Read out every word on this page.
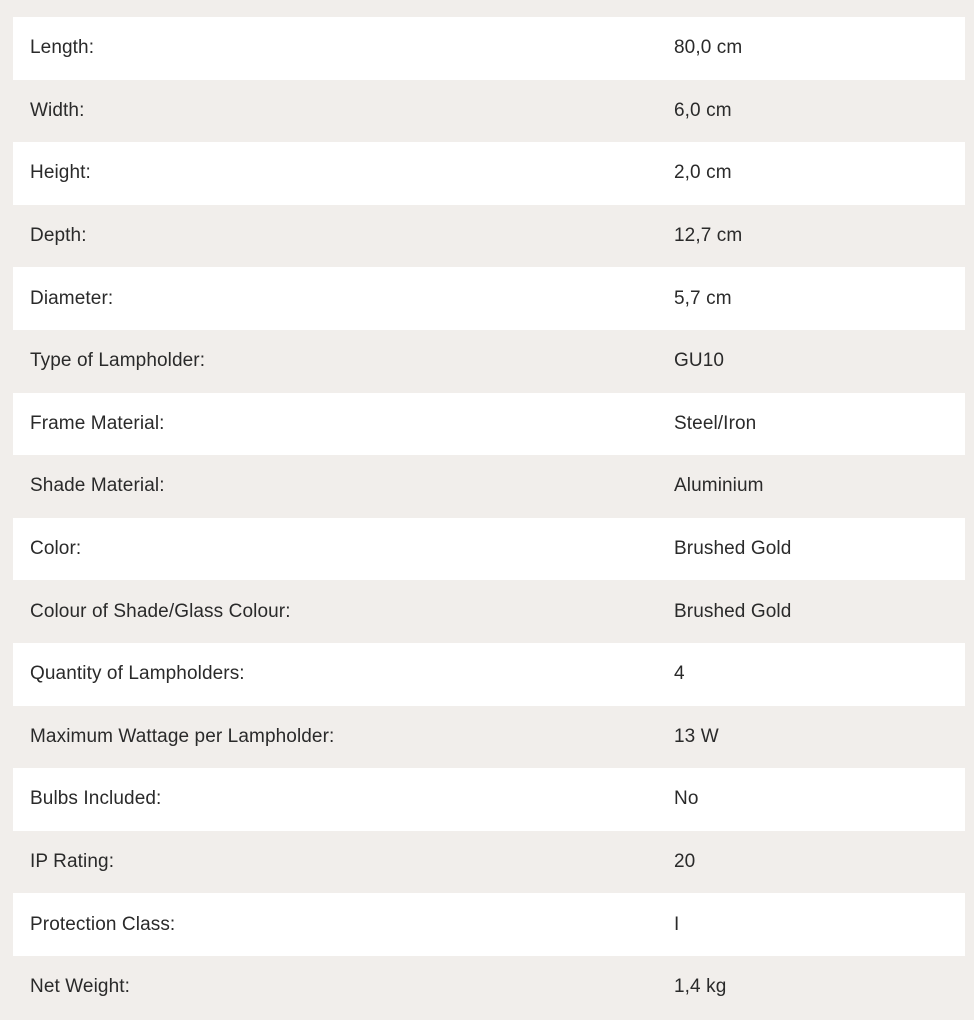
Length:	80,0 cm
Width:	6,0 cm
Height:	2,0 cm
Depth:	12,7 cm
Diameter:	5,7 cm
Type of Lampholder:	GU10
Frame Material:	Steel/Iron
Shade Material:	Aluminium
Color:	Brushed Gold
Colour of Shade/Glass Colour:	Brushed Gold
Quantity of Lampholders:	4
Maximum Wattage per Lampholder:	13 W
Bulbs Included:	No
IP Rating:	20
Protection Class:	I
Net Weight:	1,4 kg
